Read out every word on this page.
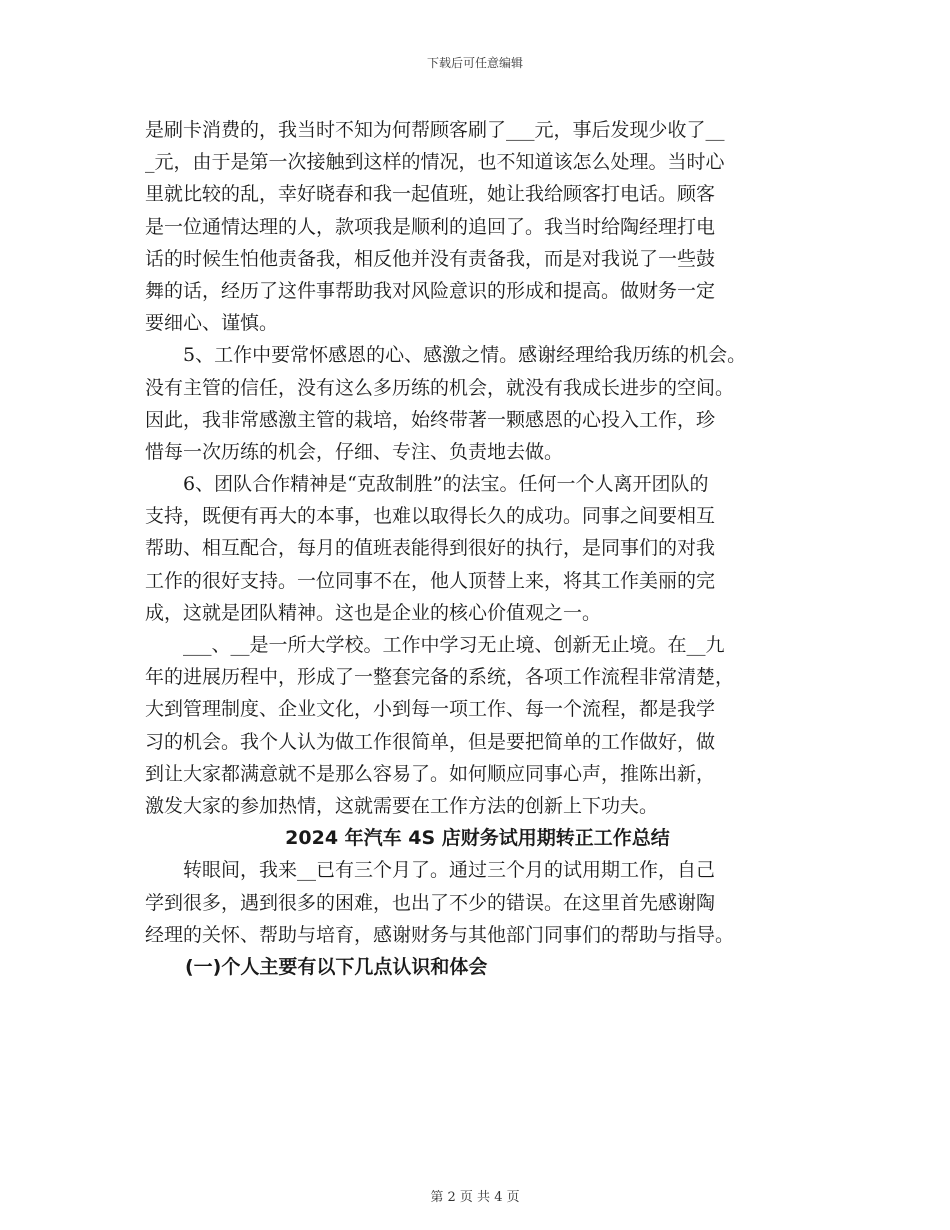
下载后可任意编辑
是刷卡消费的，我当时不知为何帮顾客刷了___元，事后发现少收了__
_元，由于是第一次接触到这样的情况，也不知道该怎么处理。当时心
里就比较的乱，幸好晓春和我一起值班，她让我给顾客打电话。顾客
是一位通情达理的人，款项我是顺利的追回了。我当时给陶经理打电
话的时候生怕他责备我，相反他并没有责备我，而是对我说了一些鼓
舞的话，经历了这件事帮助我对风险意识的形成和提高。做财务一定
要细心、谨慎。
5、工作中要常怀感恩的心、感激之情。感谢经理给我历练的机会。
没有主管的信任，没有这么多历练的机会，就没有我成长进步的空间。
因此，我非常感激主管的栽培，始终带著一颗感恩的心投入工作，珍
惜每一次历练的机会，仔细、专注、负责地去做。
6、团队合作精神是“克敌制胜”的法宝。任何一个人离开团队的
支持，既便有再大的本事，也难以取得长久的成功。同事之间要相互
帮助、相互配合，每月的值班表能得到很好的执行，是同事们的对我
工作的很好支持。一位同事不在，他人顶替上来，将其工作美丽的完
成，这就是团队精神。这也是企业的核心价值观之一。
___、__是一所大学校。工作中学习无止境、创新无止境。在__九
年的进展历程中，形成了一整套完备的系统，各项工作流程非常清楚，
大到管理制度、企业文化，小到每一项工作、每一个流程，都是我学
习的机会。我个人认为做工作很简单，但是要把简单的工作做好，做
到让大家都满意就不是那么容易了。如何顺应同事心声，推陈出新，
激发大家的参加热情，这就需要在工作方法的创新上下功夫。
2024 年汽车 4S 店财务试用期转正工作总结
转眼间，我来__已有三个月了。通过三个月的试用期工作，自己
学到很多，遇到很多的困难，也出了不少的错误。在这里首先感谢陶
经理的关怀、帮助与培育，感谢财务与其他部门同事们的帮助与指导。
(一)个人主要有以下几点认识和体会
第 2 页 共 4 页
